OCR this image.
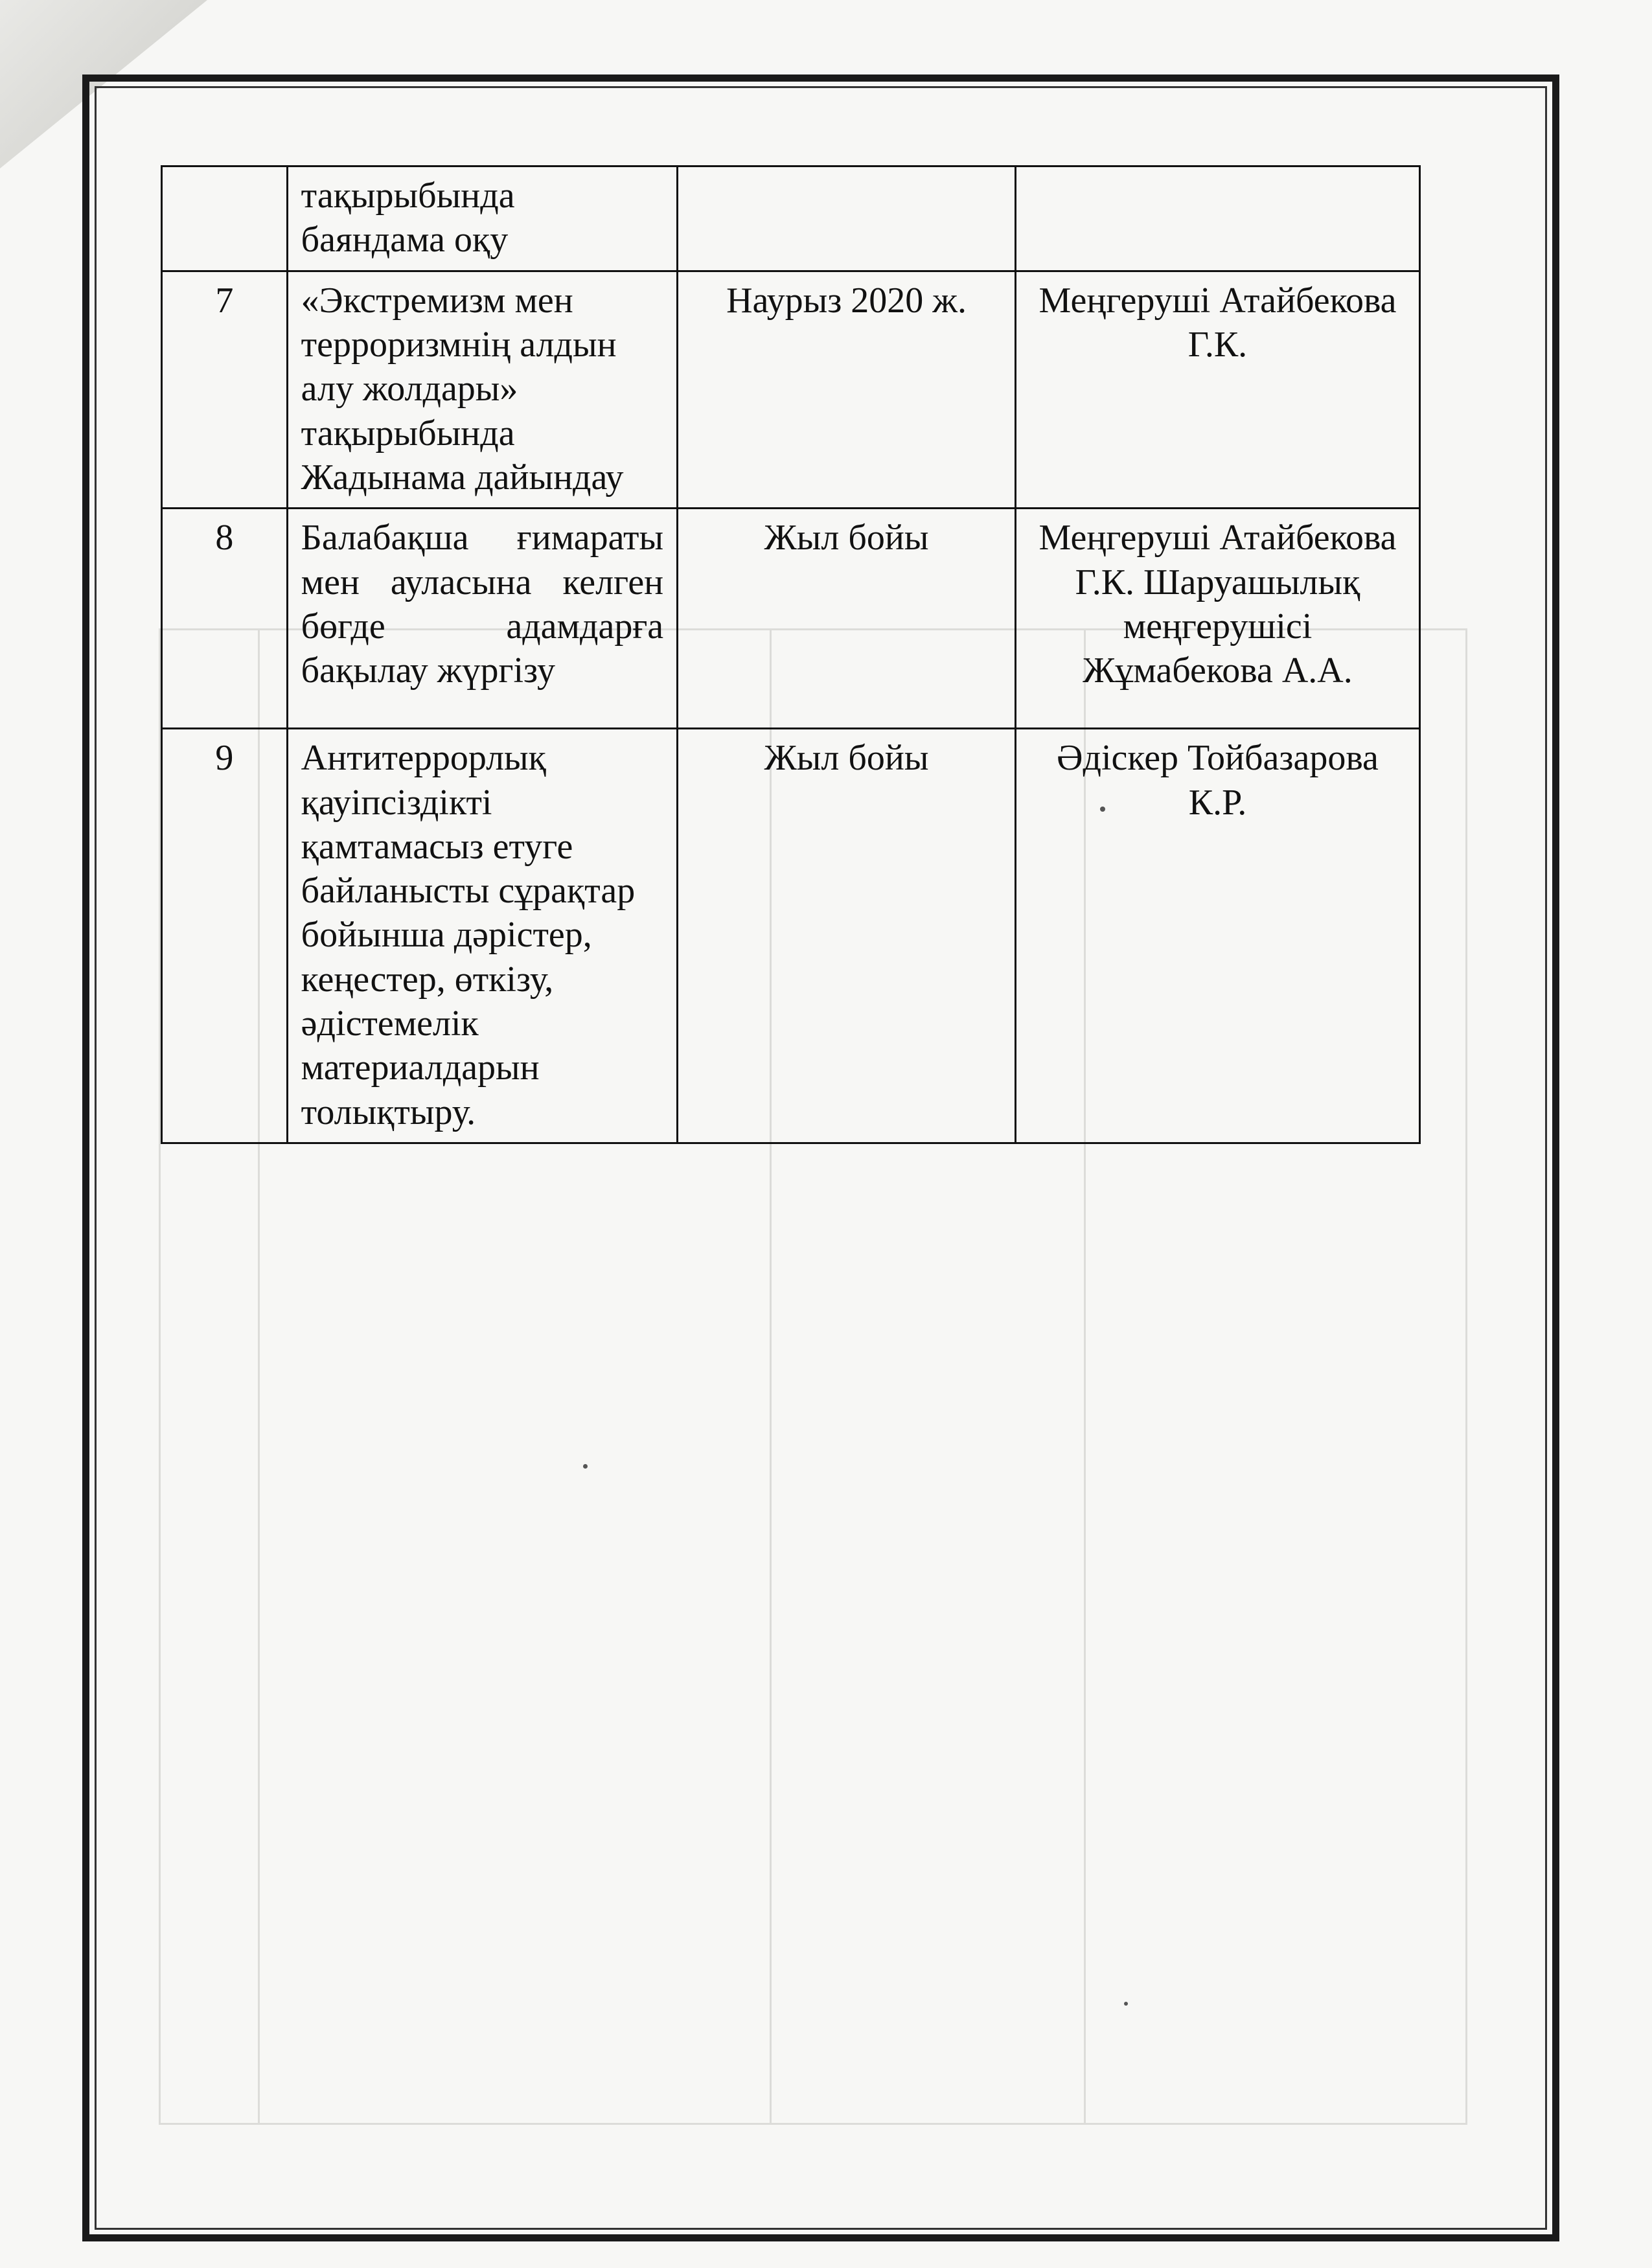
	тақырыбында баяндама оқу		
7	«Экстремизм мен терроризмнің алдын алу жолдары» тақырыбында Жадынама дайындау	Наурыз 2020 ж.	Меңгеруші Атайбекова Г.К.
8	Балабақша ғимараты мен ауласына келген бөгде адамдарға бақылау жүргізу	Жыл бойы	Меңгеруші Атайбекова Г.К. Шаруашылық меңгерушісі Жұмабекова А.А.
9	Антитеррорлық қауіпсіздікті қамтамасыз етуге байланысты сұрақтар бойынша дәрістер, кеңестер, өткізу, әдістемелік материалдарын толықтыру.	Жыл бойы	Әдіскер Тойбазарова К.Р.
